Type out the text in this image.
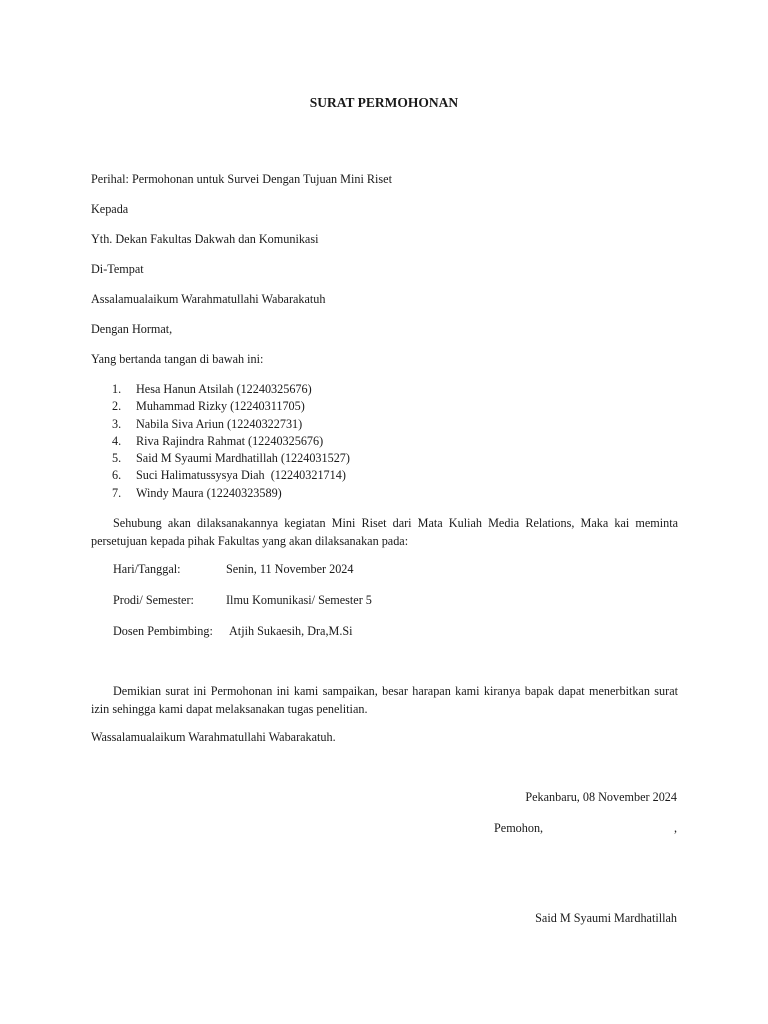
SURAT PERMOHONAN
Perihal: Permohonan untuk Survei Dengan Tujuan Mini Riset
Kepada
Yth. Dekan Fakultas Dakwah dan Komunikasi
Di-Tempat
Assalamualaikum Warahmatullahi Wabarakatuh
Dengan Hormat,
Yang bertanda tangan di bawah ini:
1. Hesa Hanun Atsilah (12240325676)
2. Muhammad Rizky (12240311705)
3. Nabila Siva Ariun (12240322731)
4. Riva Rajindra Rahmat (12240325676)
5. Said M Syaumi Mardhatillah (1224031527)
6. Suci Halimatussysya Diah  (12240321714)
7. Windy Maura (12240323589)
Sehubung akan dilaksanakannya kegiatan Mini Riset dari Mata Kuliah Media Relations, Maka kai meminta persetujuan kepada pihak Fakultas yang akan dilaksanakan pada:
Hari/Tanggal:	Senin, 11 November 2024
Prodi/ Semester:	Ilmu Komunikasi/ Semester 5
Dosen Pembimbing: Atjih Sukaesih, Dra,M.Si
Demikian surat ini Permohonan ini kami sampaikan, besar harapan kami kiranya bapak dapat menerbitkan surat izin sehingga kami dapat melaksanakan tugas penelitian.
Wassalamualaikum Warahmatullahi Wabarakatuh.
Pekanbaru, 08 November 2024
Pemohon,	,
Said M Syaumi Mardhatillah
